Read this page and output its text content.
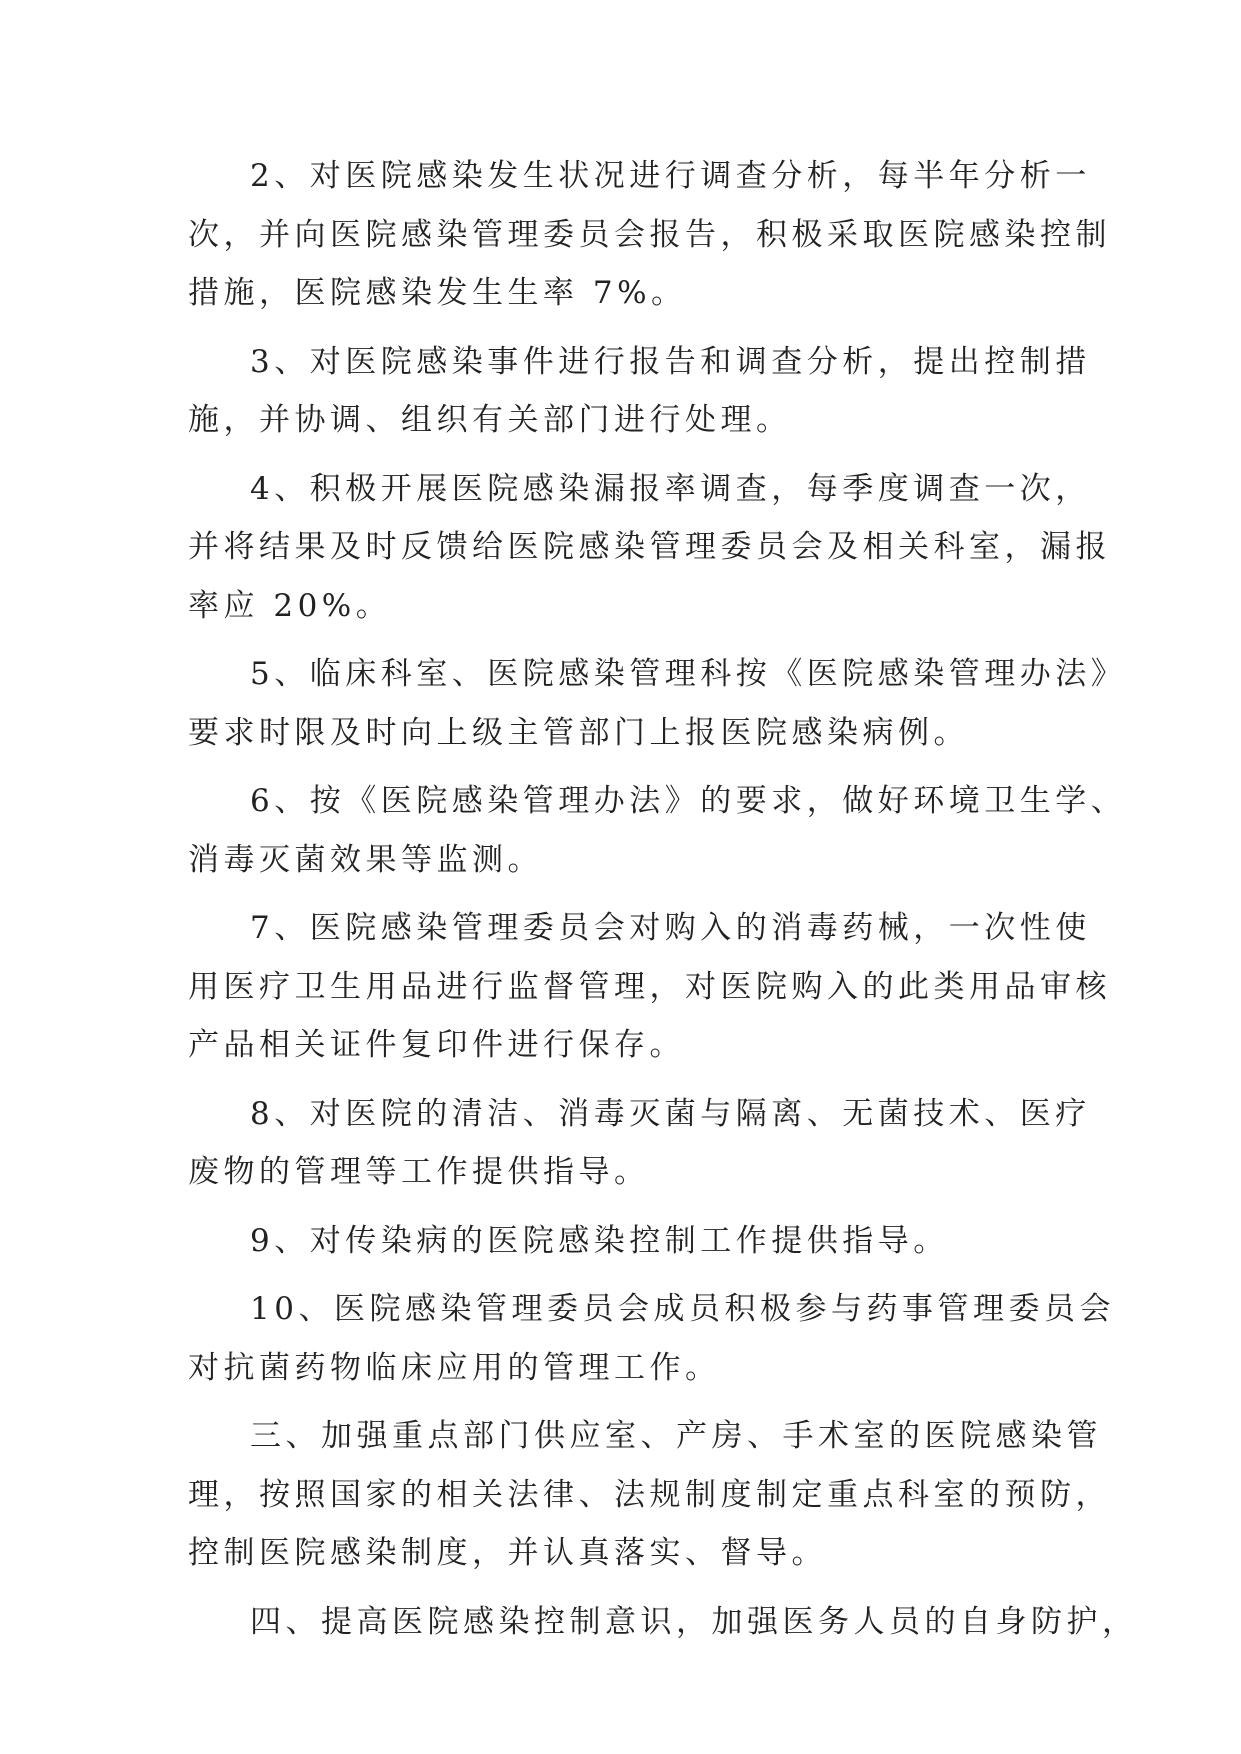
2、对医院感染发生状况进行调查分析，每半年分析一
次，并向医院感染管理委员会报告，积极采取医院感染控制
措施，医院感染发生生率 7%。

3、对医院感染事件进行报告和调查分析，提出控制措
施，并协调、组织有关部门进行处理。

4、积极开展医院感染漏报率调查，每季度调查一次，
并将结果及时反馈给医院感染管理委员会及相关科室，漏报
率应 20%。

5、临床科室、医院感染管理科按《医院感染管理办法》
要求时限及时向上级主管部门上报医院感染病例。

6、按《医院感染管理办法》的要求，做好环境卫生学、
消毒灭菌效果等监测。

7、医院感染管理委员会对购入的消毒药械，一次性使
用医疗卫生用品进行监督管理，对医院购入的此类用品审核
产品相关证件复印件进行保存。

8、对医院的清洁、消毒灭菌与隔离、无菌技术、医疗
废物的管理等工作提供指导。

9、对传染病的医院感染控制工作提供指导。

10、医院感染管理委员会成员积极参与药事管理委员会
对抗菌药物临床应用的管理工作。

三、加强重点部门供应室、产房、手术室的医院感染管
理，按照国家的相关法律、法规制度制定重点科室的预防，
控制医院感染制度，并认真落实、督导。

四、提高医院感染控制意识，加强医务人员的自身防护，
